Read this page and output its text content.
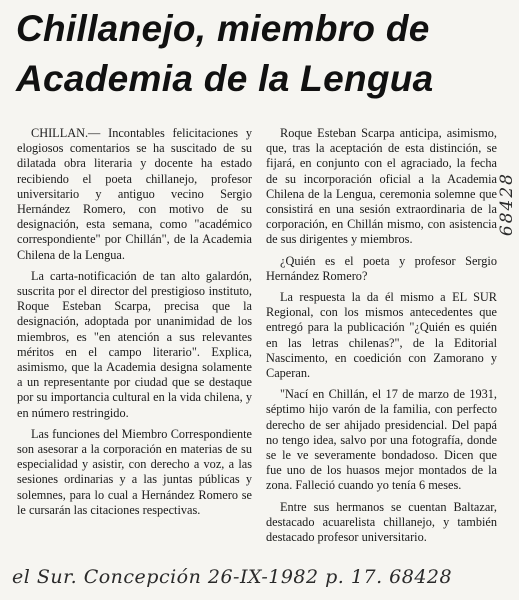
Chillanejo, miembro de
Academia de la Lengua

CHILLAN.— Incontables felicitaciones y elogiosos comentarios se ha suscitado de su dilatada obra literaria y docente ha estado recibiendo el poeta chillanejo, profesor universitario y antiguo vecino Sergio Hernández Romero, con motivo de su designación, esta semana, como "académico correspondiente" por Chillán", de la Academia Chilena de la Lengua.

La carta-notificación de tan alto galardón, suscrita por el director del prestigioso instituto, Roque Esteban Scarpa, precisa que la designación, adoptada por unanimidad de los miembros, es "en atención a sus relevantes méritos en el campo literario". Explica, asimismo, que la Academia designa solamente a un representante por ciudad que se destaque por su importancia cultural en la vida chilena, y en número restringido.

Las funciones del Miembro Correspondiente son asesorar a la corporación en materias de su especialidad y asistir, con derecho a voz, a las sesiones ordinarias y a las juntas públicas y solemnes, para lo cual a Hernández Romero se le cursarán las citaciones respectivas.

Roque Esteban Scarpa anticipa, asimismo, que, tras la aceptación de esta distinción, se fijará, en conjunto con el agraciado, la fecha de su incorporación oficial a la Academia Chilena de la Lengua, ceremonia solemne que consistirá en una sesión extraordinaria de la corporación, en Chillán mismo, con asistencia de sus dirigentes y miembros.

¿Quién es el poeta y profesor Sergio Hernández Romero?

La respuesta la da él mismo a EL SUR Regional, con los mismos antecedentes que entregó para la publicación "¿Quién es quién en las letras chilenas?", de la Editorial Nascimento, en coedición con Zamorano y Caperan.

"Nací en Chillán, el 17 de marzo de 1931, séptimo hijo varón de la familia, con perfecto derecho de ser ahijado presidencial. Del papá no tengo idea, salvo por una fotografía, donde se le ve severamente bondadoso. Dicen que fue uno de los huasos mejor montados de la zona. Falleció cuando yo tenía 6 meses.

Entre sus hermanos se cuentan Baltazar, destacado acuarelista chillanejo, y también destacado profesor universitario.

68428
el Sur. Concepción 26-IX-1982 p. 17. 68428
